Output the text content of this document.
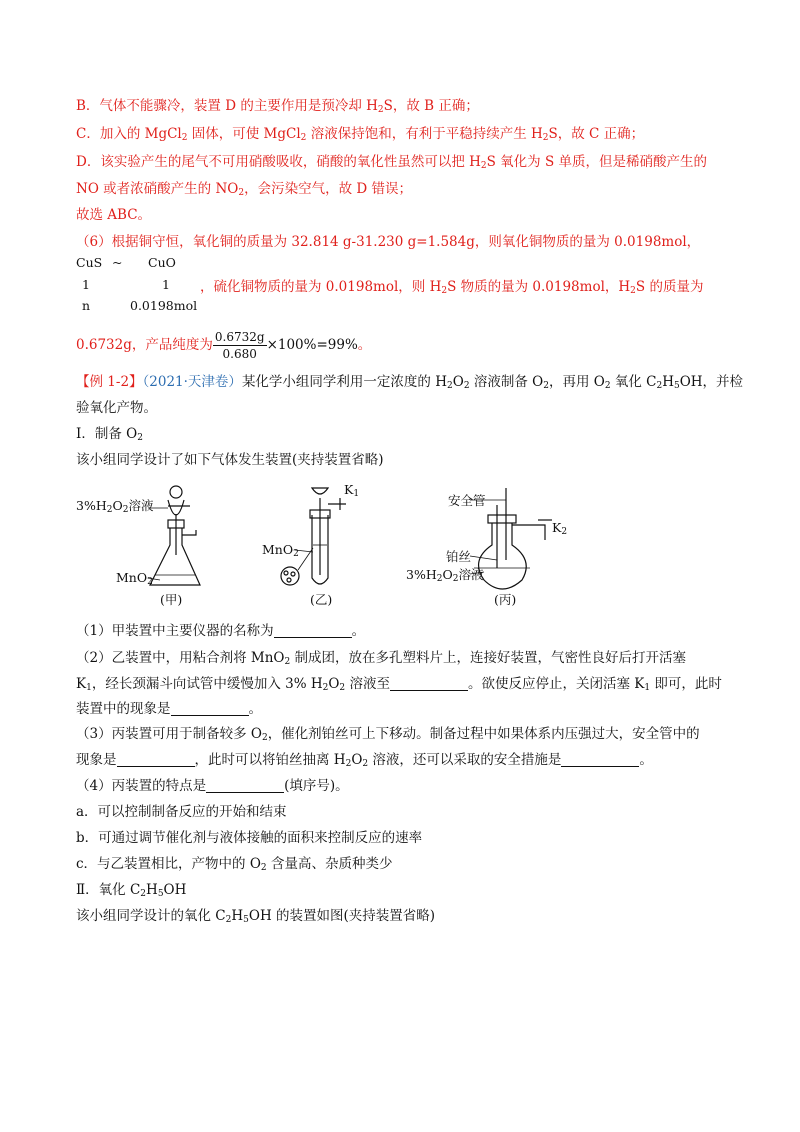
B．气体不能骤冷，装置 D 的主要作用是预冷却 $H_2S$，故 B 正确；
C．加入的 MgCl$_2$ 固体，可使 MgCl$_2$ 溶液保持饱和，有利于平稳持续产生 $H_2S$，故 C 正确；
D．该实验产生的尾气不可用硝酸吸收，硝酸的氧化性虽然可以把 $H_2S$ 氧化为 S 单质，但是稀硝酸产生的
NO 或者浓硝酸产生的 $NO_2$，会污染空气，故 D 错误；
故选 ABC。
（6）根据铜守恒，氧化铜的质量为 32.814 g-31.230 g=1.584g，则氧化铜物质的量为 0.0198mol，
CuS ~ CuO
1	1
n	0.0198mol
，硫化铜物质的量为 0.0198mol，则 $H_2S$ 物质的量为 0.0198mol，$H_2S$ 的质量为
0.6732g，产品纯度为 $\frac{0.6732g}{0.680} \times 100\%=99\%$。
【例 1-2】（2021·天津卷）某化学小组同学利用一定浓度的 $H_2O_2$ 溶液制备 $O_2$，再用 $O_2$ 氧化 $C_2H_5OH$，并检
验氧化产物。
Ⅰ．制备 $O_2$
该小组同学设计了如下气体发生装置(夹持装置省略)
$3\%H_2O_2$溶液
MnO$_2$
(甲)
$K_1$
MnO$_2$
(乙)
安全管
$K_2$
铂丝
$3\%H_2O_2$溶液
(丙)
（1）甲装置中主要仪器的名称为	。
（2）乙装置中，用粘合剂将 MnO$_2$ 制成团，放在多孔塑料片上，连接好装置，气密性良好后打开活塞
$K_1$，经长颈漏斗向试管中缓慢加入 3% $H_2O_2$ 溶液至	。欲使反应停止，关闭活塞 $K_1$ 即可，此时
装置中的现象是	。
（3）丙装置可用于制备较多 $O_2$，催化剂铂丝可上下移动。制备过程中如果体系内压强过大，安全管中的
现象是	，此时可以将铂丝抽离 $H_2O_2$ 溶液，还可以采取的安全措施是	。
（4）丙装置的特点是	(填序号)。
a．可以控制制备反应的开始和结束
b．可通过调节催化剂与液体接触的面积来控制反应的速率
c．与乙装置相比，产物中的 $O_2$ 含量高、杂质种类少
Ⅱ．氧化 $C_2H_5OH$
该小组同学设计的氧化 $C_2H_5OH$ 的装置如图(夹持装置省略)
